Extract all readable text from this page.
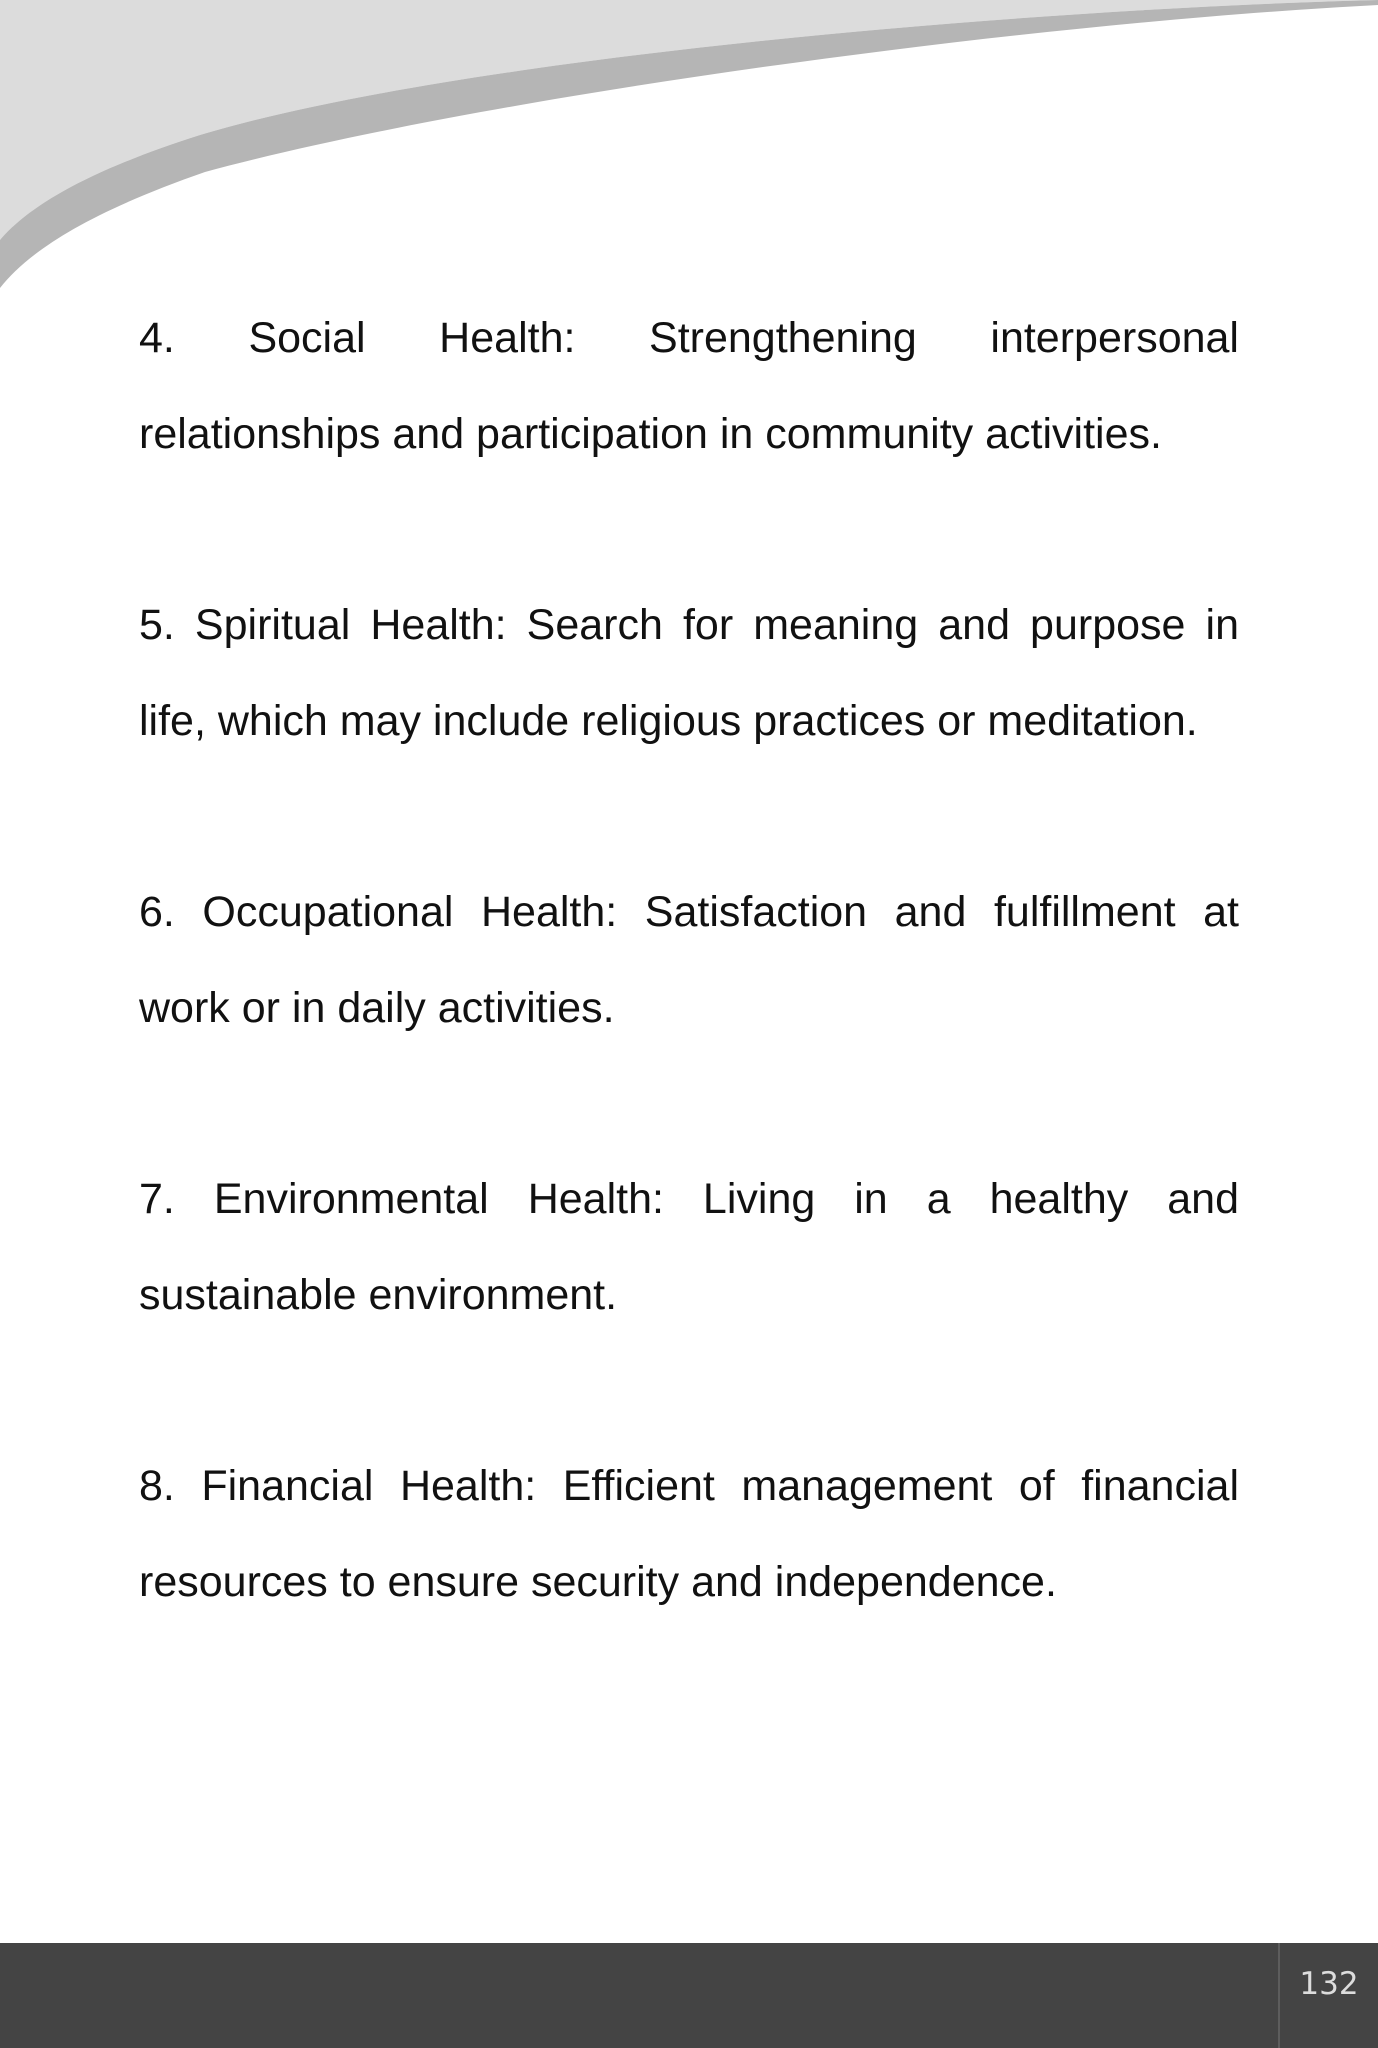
4. Social Health: Strengthening interpersonal relationships and participation in community activities.

5. Spiritual Health: Search for meaning and purpose in life, which may include religious practices or meditation.

6. Occupational Health: Satisfaction and fulfillment at work or in daily activities.

7. Environmental Health: Living in a healthy and sustainable environment.

8. Financial Health: Efficient management of financial resources to ensure security and independence.

132
